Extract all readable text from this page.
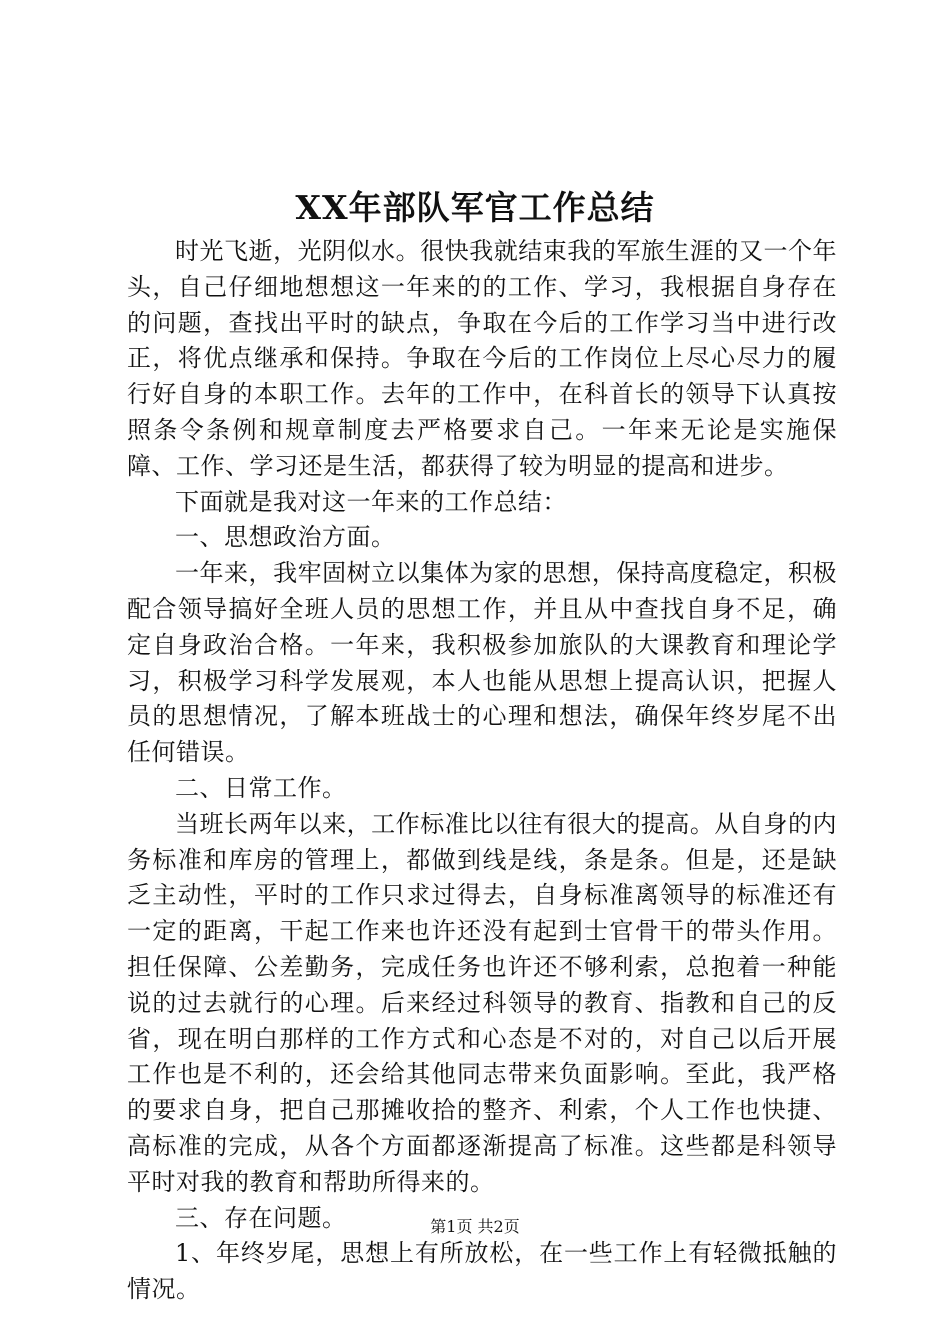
XX年部队军官工作总结

时光飞逝，光阴似水。很快我就结束我的军旅生涯的又一个年头，自己仔细地想想这一年来的的工作、学习，我根据自身存在的问题，查找出平时的缺点，争取在今后的工作学习当中进行改正，将优点继承和保持。争取在今后的工作岗位上尽心尽力的履行好自身的本职工作。去年的工作中，在科首长的领导下认真按照条令条例和规章制度去严格要求自己。一年来无论是实施保障、工作、学习还是生活，都获得了较为明显的提高和进步。

下面就是我对这一年来的工作总结：

一、思想政治方面。

一年来，我牢固树立以集体为家的思想，保持高度稳定，积极配合领导搞好全班人员的思想工作，并且从中查找自身不足，确定自身政治合格。一年来，我积极参加旅队的大课教育和理论学习，积极学习科学发展观，本人也能从思想上提高认识，把握人员的思想情况，了解本班战士的心理和想法，确保年终岁尾不出任何错误。

二、日常工作。

当班长两年以来，工作标准比以往有很大的提高。从自身的内务标准和库房的管理上，都做到线是线，条是条。但是，还是缺乏主动性，平时的工作只求过得去，自身标准离领导的标准还有一定的距离，干起工作来也许还没有起到士官骨干的带头作用。担任保障、公差勤务，完成任务也许还不够利索，总抱着一种能说的过去就行的心理。后来经过科领导的教育、指教和自己的反省，现在明白那样的工作方式和心态是不对的，对自己以后开展工作也是不利的，还会给其他同志带来负面影响。至此，我严格的要求自身，把自己那摊收拾的整齐、利索，个人工作也快捷、高标准的完成，从各个方面都逐渐提高了标准。这些都是科领导平时对我的教育和帮助所得来的。

三、存在问题。

1、年终岁尾，思想上有所放松，在一些工作上有轻微抵触的情况。

第1页 共2页
